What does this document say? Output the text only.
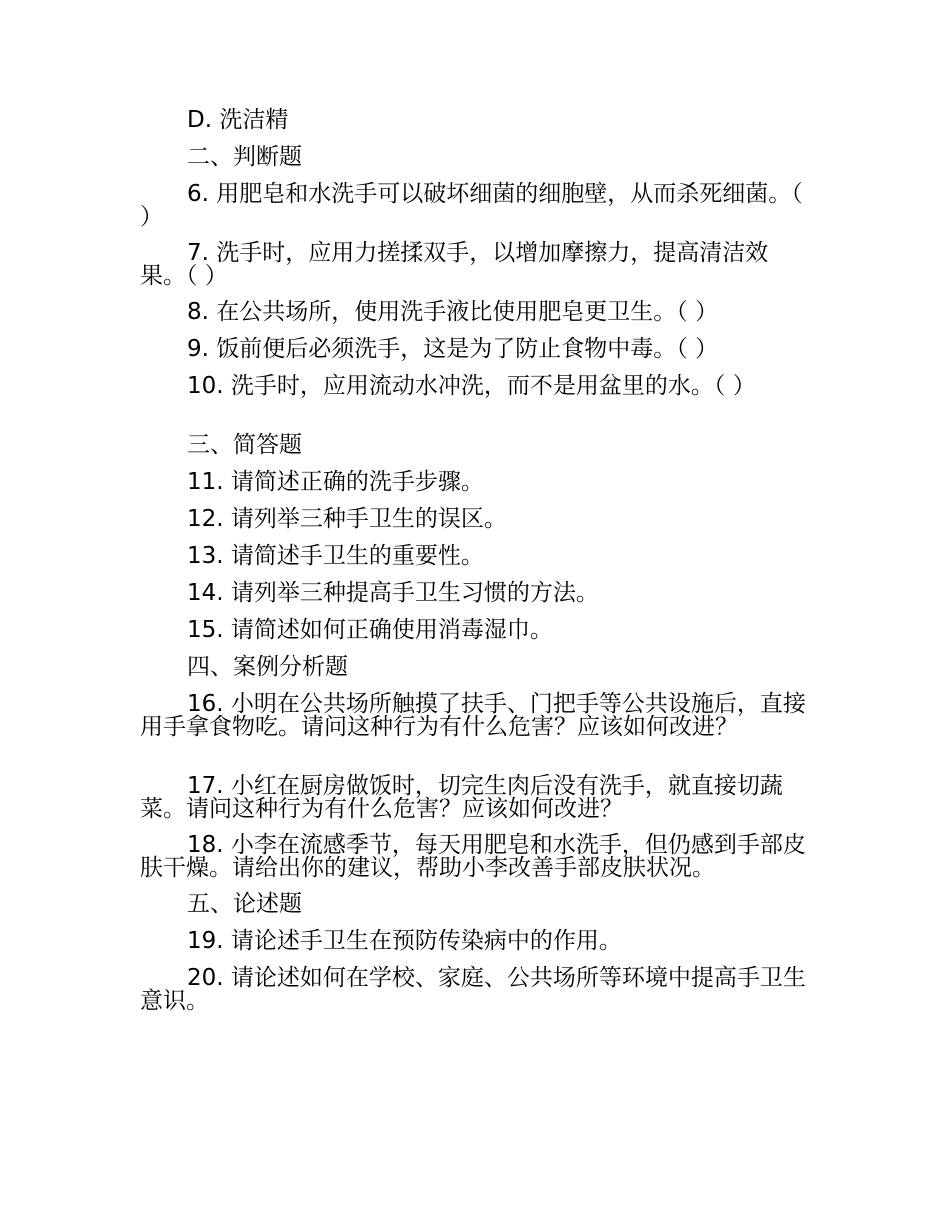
D. 洗洁精

二、判断题

6. 用肥皂和水洗手可以破坏细菌的细胞壁，从而杀死细菌。（ ）

7. 洗手时，应用力搓揉双手，以增加摩擦力，提高清洁效果。（ ）

8. 在公共场所，使用洗手液比使用肥皂更卫生。（ ）

9. 饭前便后必须洗手，这是为了防止食物中毒。（ ）

10. 洗手时，应用流动水冲洗，而不是用盆里的水。（ ）

三、简答题

11. 请简述正确的洗手步骤。

12. 请列举三种手卫生的误区。

13. 请简述手卫生的重要性。

14. 请列举三种提高手卫生习惯的方法。

15. 请简述如何正确使用消毒湿巾。

四、案例分析题

16. 小明在公共场所触摸了扶手、门把手等公共设施后，直接用手拿食物吃。请问这种行为有什么危害？应该如何改进？

17. 小红在厨房做饭时，切完生肉后没有洗手，就直接切蔬菜。请问这种行为有什么危害？应该如何改进？

18. 小李在流感季节，每天用肥皂和水洗手，但仍感到手部皮肤干燥。请给出你的建议，帮助小李改善手部皮肤状况。

五、论述题

19. 请论述手卫生在预防传染病中的作用。

20. 请论述如何在学校、家庭、公共场所等环境中提高手卫生意识。
